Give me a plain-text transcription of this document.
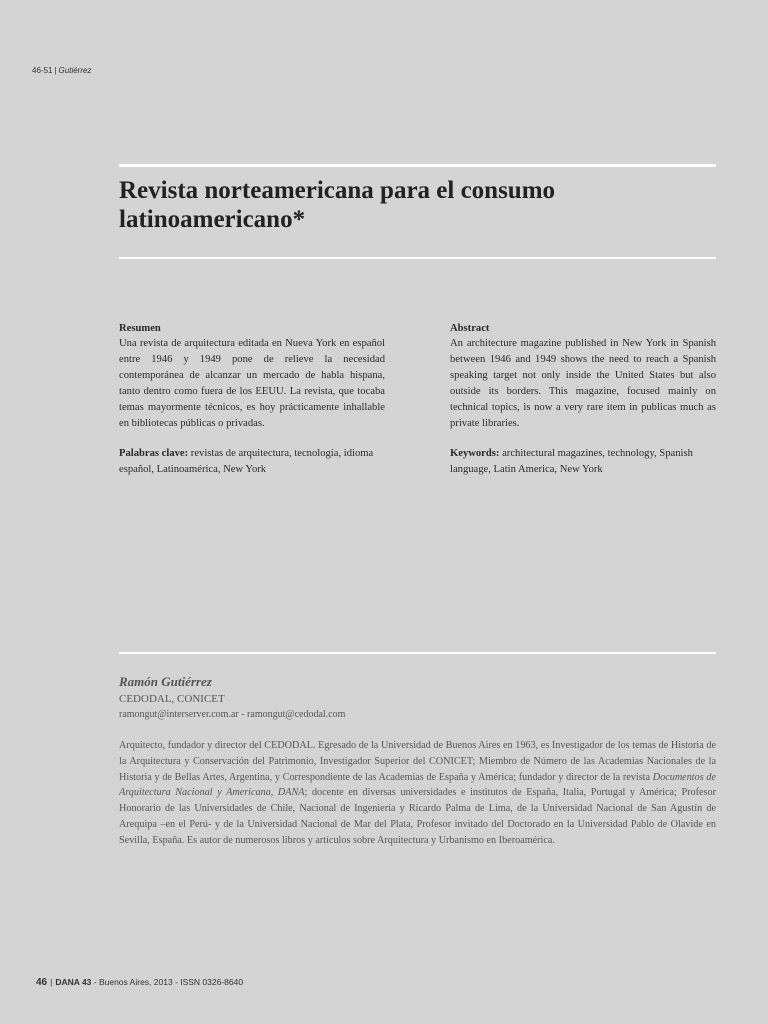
46-51 | Gutiérrez
Revista norteamericana para el consumo latinoamericano*
Resumen

Una revista de arquitectura editada en Nueva York en español entre 1946 y 1949 pone de relieve la necesidad contemporánea de alcanzar un mercado de habla hispana, tanto dentro como fuera de los EEUU. La revista, que tocaba temas mayormente técnicos, es hoy prácticamente inhallable en bibliotecas públicas o privadas.

Palabras clave: revistas de arquitectura, tecnología, idioma español, Latinoamérica, New York

Abstract

An architecture magazine published in New York in Spanish between 1946 and 1949 shows the need to reach a Spanish speaking target not only inside the United States but also outside its borders. This magazine, focused mainly on technical topics, is now a very rare item in publicas much as private libraries.

Keywords: architectural magazines, technology, Spanish language, Latin America, New York

Ramón Gutiérrez
CEDODAL, CONICET
ramongut@interserver.com.ar - ramongut@cedodal.com

Arquitecto, fundador y director del CEDODAL. Egresado de la Universidad de Buenos Aires en 1963, es Investigador de los temas de Historia de la Arquitectura y Conservación del Patrimonio, Investigador Superior del CONICET; Miembro de Número de las Academias Nacionales de la Historia y de Bellas Artes, Argentina, y Correspondiente de las Academias de España y América; fundador y director de la revista Documentos de Arquitectura Nacional y Americana, DANA; docente en diversas universidades e institutos de España, Italia, Portugal y América; Profesor Honorario de las Universidades de Chile, Nacional de Ingeniería y Ricardo Palma de Lima, de la Universidad Nacional de San Agustín de Arequipa –en el Perú- y de la Universidad Nacional de Mar del Plata, Profesor invitado del Doctorado en la Universidad Pablo de Olavide en Sevilla, España. Es autor de numerosos libros y artículos sobre Arquitectura y Urbanismo en Iberoamérica.

46 | DANA 43 - Buenos Aires, 2013 - ISSN 0326-8640
